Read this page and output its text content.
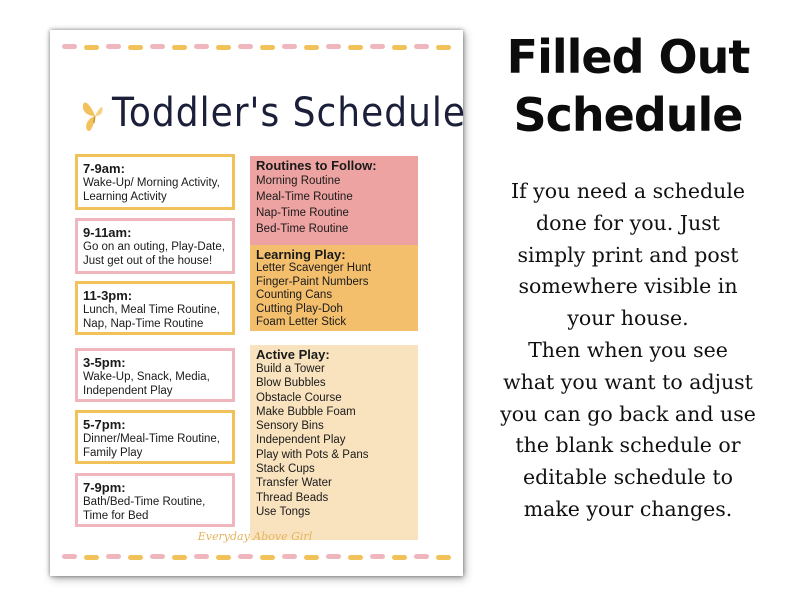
Toddler's Schedule
7-9am:
Wake-Up/ Morning Activity,
Learning Activity
9-11am:
Go on an outing, Play-Date,
Just get out of the house!
11-3pm:
Lunch, Meal Time Routine,
Nap, Nap-Time Routine
3-5pm:
Wake-Up, Snack, Media,
Independent Play
5-7pm:
Dinner/Meal-Time Routine,
Family Play
7-9pm:
Bath/Bed-Time Routine,
Time for Bed
Routines to Follow:
Morning Routine
Meal-Time Routine
Nap-Time Routine
Bed-Time Routine
Learning Play:
Letter Scavenger Hunt
Finger-Paint Numbers
Counting Cans
Cutting Play-Doh
Foam Letter Stick
Active Play:
Build a Tower
Blow Bubbles
Obstacle Course
Make Bubble Foam
Sensory Bins
Independent Play
Play with Pots & Pans
Stack Cups
Transfer Water
Thread Beads
Use Tongs
Everyday Above Girl
Filled Out
Schedule
If you need a schedule
done for you. Just
simply print and post
somewhere visible in
your house.
Then when you see
what you want to adjust
you can go back and use
the blank schedule or
editable schedule to
make your changes.
